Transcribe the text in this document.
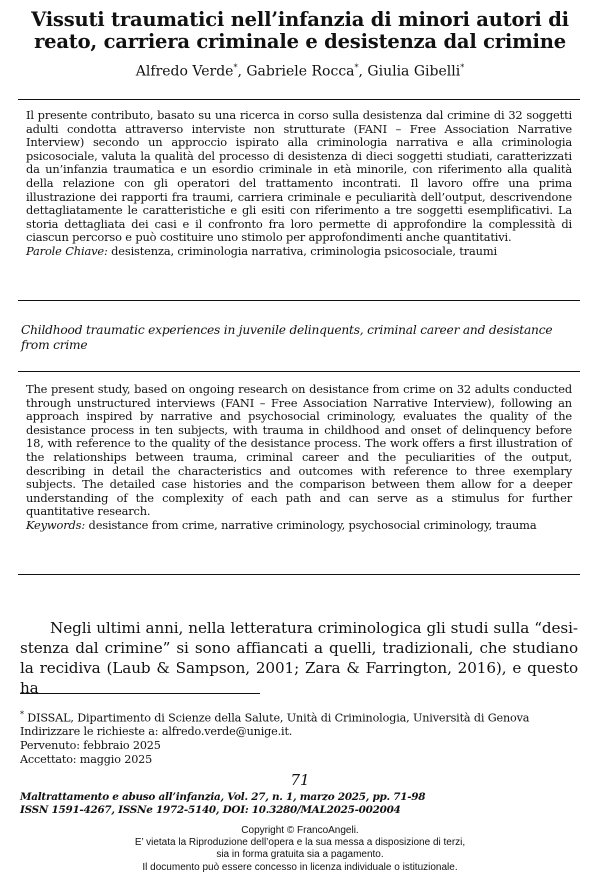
Vissuti traumatici nell’infanzia di minori autori di
reato, carriera criminale e desistenza dal crimine
Alfredo Verde*, Gabriele Rocca*, Giulia Gibelli*
Il presente contributo, basato su una ricerca in corso sulla desistenza dal crimine di 32 soggetti adulti condotta attraverso interviste non strutturate (FANI – Free Association Narrative Interview) secondo un approccio ispirato alla criminologia narrativa e alla criminologia psicosociale, valuta la qualità del processo di desistenza di dieci soggetti studiati, caratterizzati da un’infanzia traumatica e un esordio criminale in età minorile, con riferimento alla qualità della relazione con gli operatori del trattamento incontrati. Il lavoro offre una prima illustrazione dei rapporti fra traumi, carriera criminale e peculiarità dell’output, descrivendone dettagliatamente le caratteristiche e gli esiti con riferimento a tre soggetti esemplificativi. La storia dettagliata dei casi e il confronto fra loro permette di approfondire la complessità di ciascun percorso e può costituire uno stimolo per approfondimenti anche quantitativi.
Parole Chiave: desistenza, criminologia narrativa, criminologia psicosociale, traumi
Childhood traumatic experiences in juvenile delinquents, criminal career and desistance from crime
The present study, based on ongoing research on desistance from crime on 32 adults conducted through unstructured interviews (FANI – Free Association Narrative Interview), following an approach inspired by narrative and psychosocial criminology, evaluates the quality of the desistance process in ten subjects, with trauma in childhood and onset of delinquency before 18, with reference to the quality of the desistance process. The work offers a first illustration of the relationships between trauma, criminal career and the peculiarities of the output, describing in detail the characteristics and outcomes with reference to three exemplary subjects. The detailed case histories and the comparison between them allow for a deeper understanding of the complexity of each path and can serve as a stimulus for further quantitative research.
Keywords: desistance from crime, narrative criminology, psychosocial criminology, trauma
Negli ultimi anni, nella letteratura criminologica gli studi sulla “desistenza dal crimine” si sono affiancati a quelli, tradizionali, che studiano la recidiva (Laub & Sampson, 2001; Zara & Farrington, 2016), e questo ha
* DISSAL, Dipartimento di Scienze della Salute, Unità di Criminologia, Università di Genova
Indirizzare le richieste a: alfredo.verde@unige.it.
Pervenuto: febbraio 2025
Accettato: maggio 2025
71
Maltrattamento e abuso all’infanzia, Vol. 27, n. 1, marzo 2025, pp. 71-98
ISSN 1591-4267, ISSNe 1972-5140, DOI: 10.3280/MAL2025-002004
Copyright © FrancoAngeli.
E’ vietata la Riproduzione dell’opera e la sua messa a disposizione di terzi,
sia in forma gratuita sia a pagamento.
Il documento può essere concesso in licenza individuale o istituzionale.
